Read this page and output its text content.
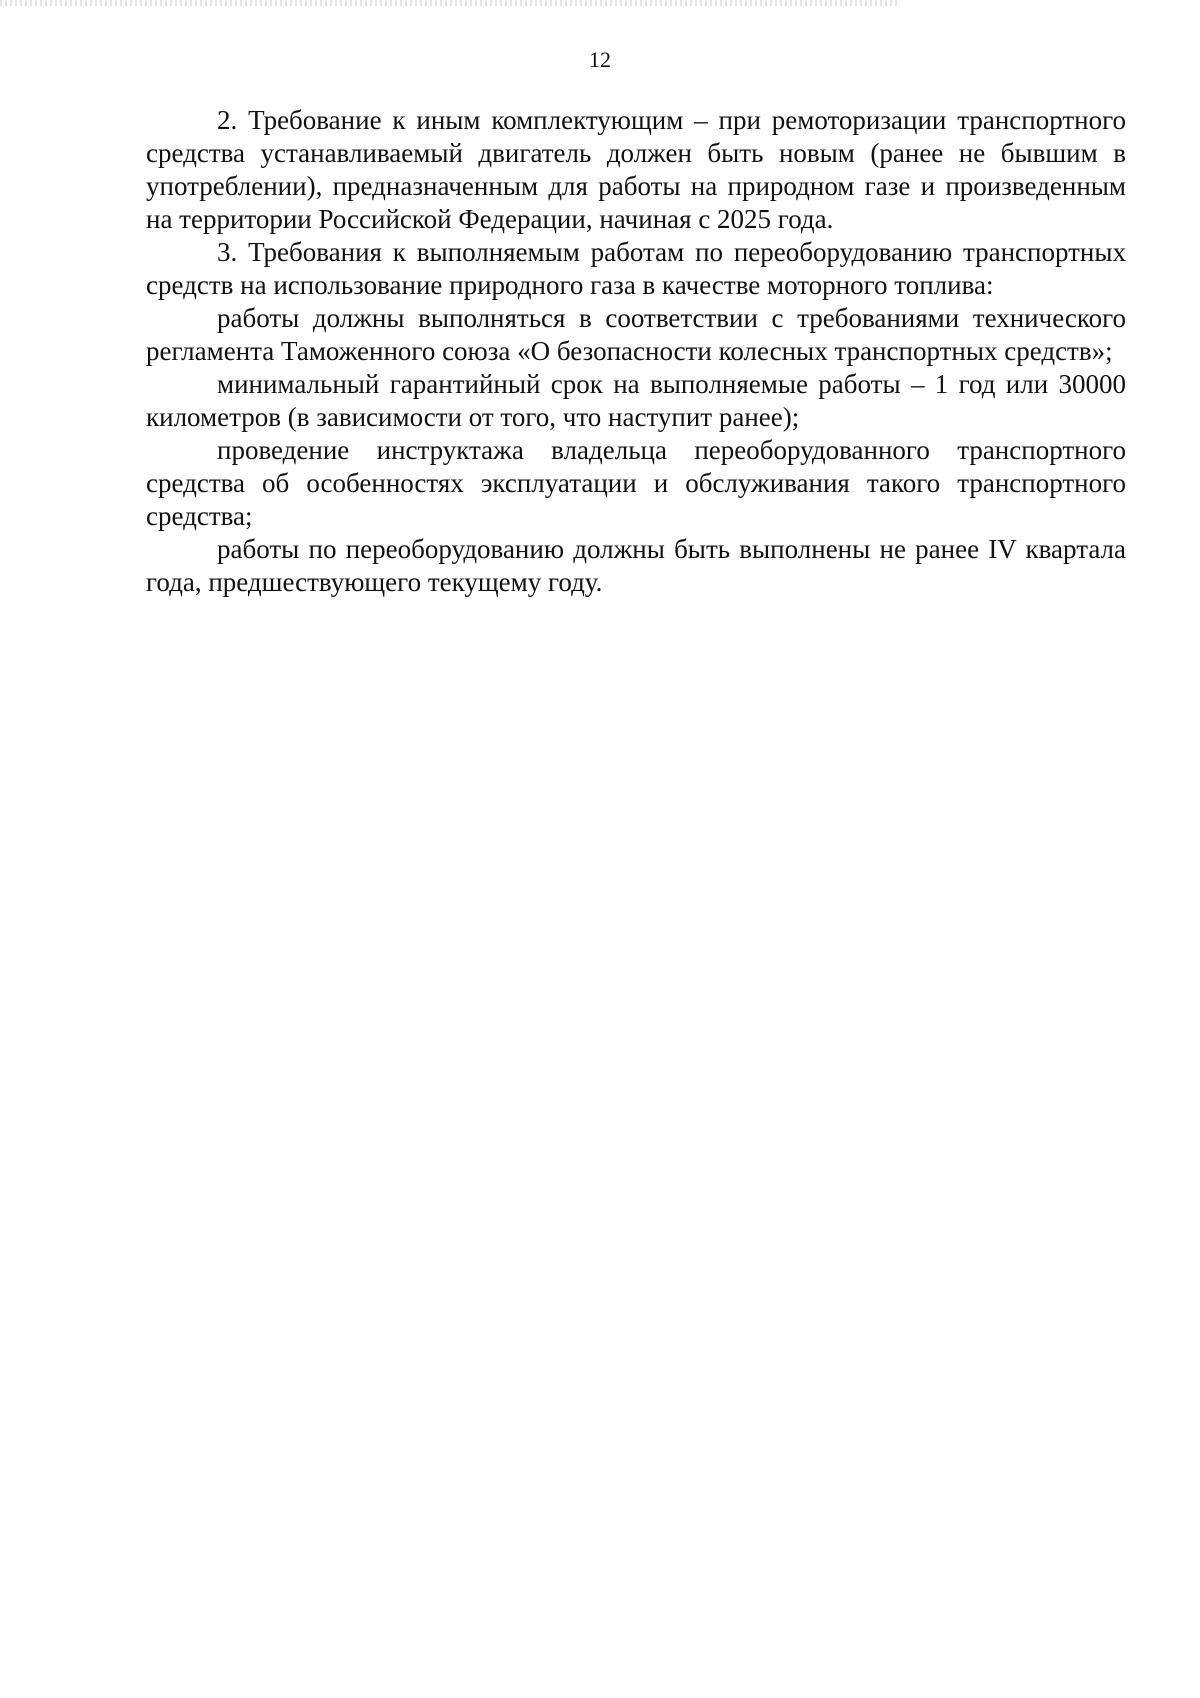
12

2. Требование к иным комплектующим – при ремоторизации транспортного средства устанавливаемый двигатель должен быть новым (ранее не бывшим в употреблении), предназначенным для работы на природном газе и произведенным на территории Российской Федерации, начиная с 2025 года.

3. Требования к выполняемым работам по переоборудованию транспортных средств на использование природного газа в качестве моторного топлива:

работы должны выполняться в соответствии с требованиями технического регламента Таможенного союза «О безопасности колесных транспортных средств»;

минимальный гарантийный срок на выполняемые работы – 1 год или 30000 километров (в зависимости от того, что наступит ранее);

проведение инструктажа владельца переоборудованного транспортного средства об особенностях эксплуатации и обслуживания такого транспортного средства;

работы по переоборудованию должны быть выполнены не ранее IV квартала года, предшествующего текущему году.
